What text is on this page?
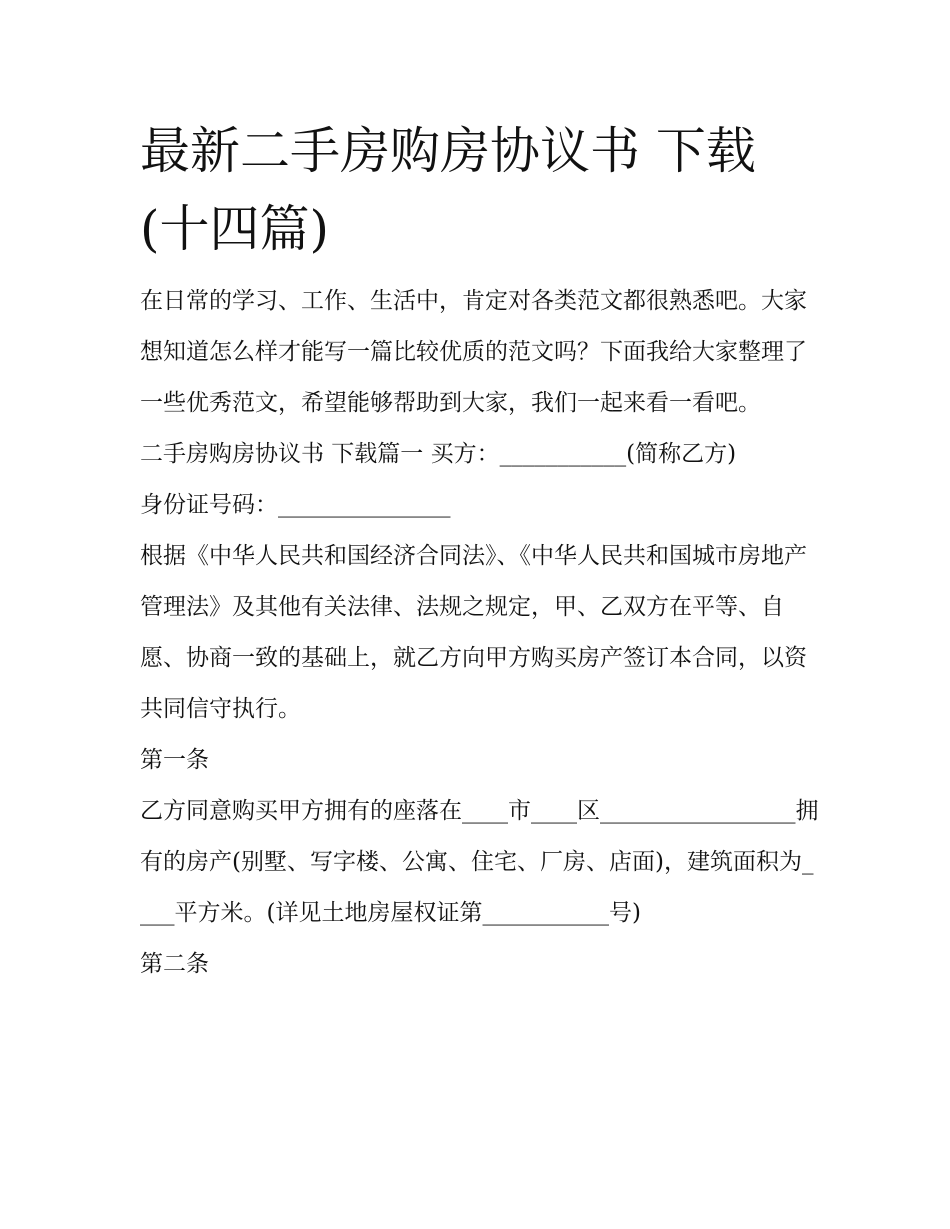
最新二手房购房协议书 下载(十四篇)

在日常的学习、工作、生活中，肯定对各类范文都很熟悉吧。大家想知道怎么样才能写一篇比较优质的范文吗？下面我给大家整理了一些优秀范文，希望能够帮助到大家，我们一起来看一看吧。

二手房购房协议书 下载篇一 买方：___________(简称乙方)

身份证号码：_______________

根据《中华人民共和国经济合同法》、《中华人民共和国城市房地产管理法》及其他有关法律、法规之规定，甲、乙双方在平等、自愿、协商一致的基础上，就乙方向甲方购买房产签订本合同，以资共同信守执行。

第一条

乙方同意购买甲方拥有的座落在____市____区_________________拥有的房产(别墅、写字楼、公寓、住宅、厂房、店面)，建筑面积为____平方米。(详见土地房屋权证第___________号)

第二条
